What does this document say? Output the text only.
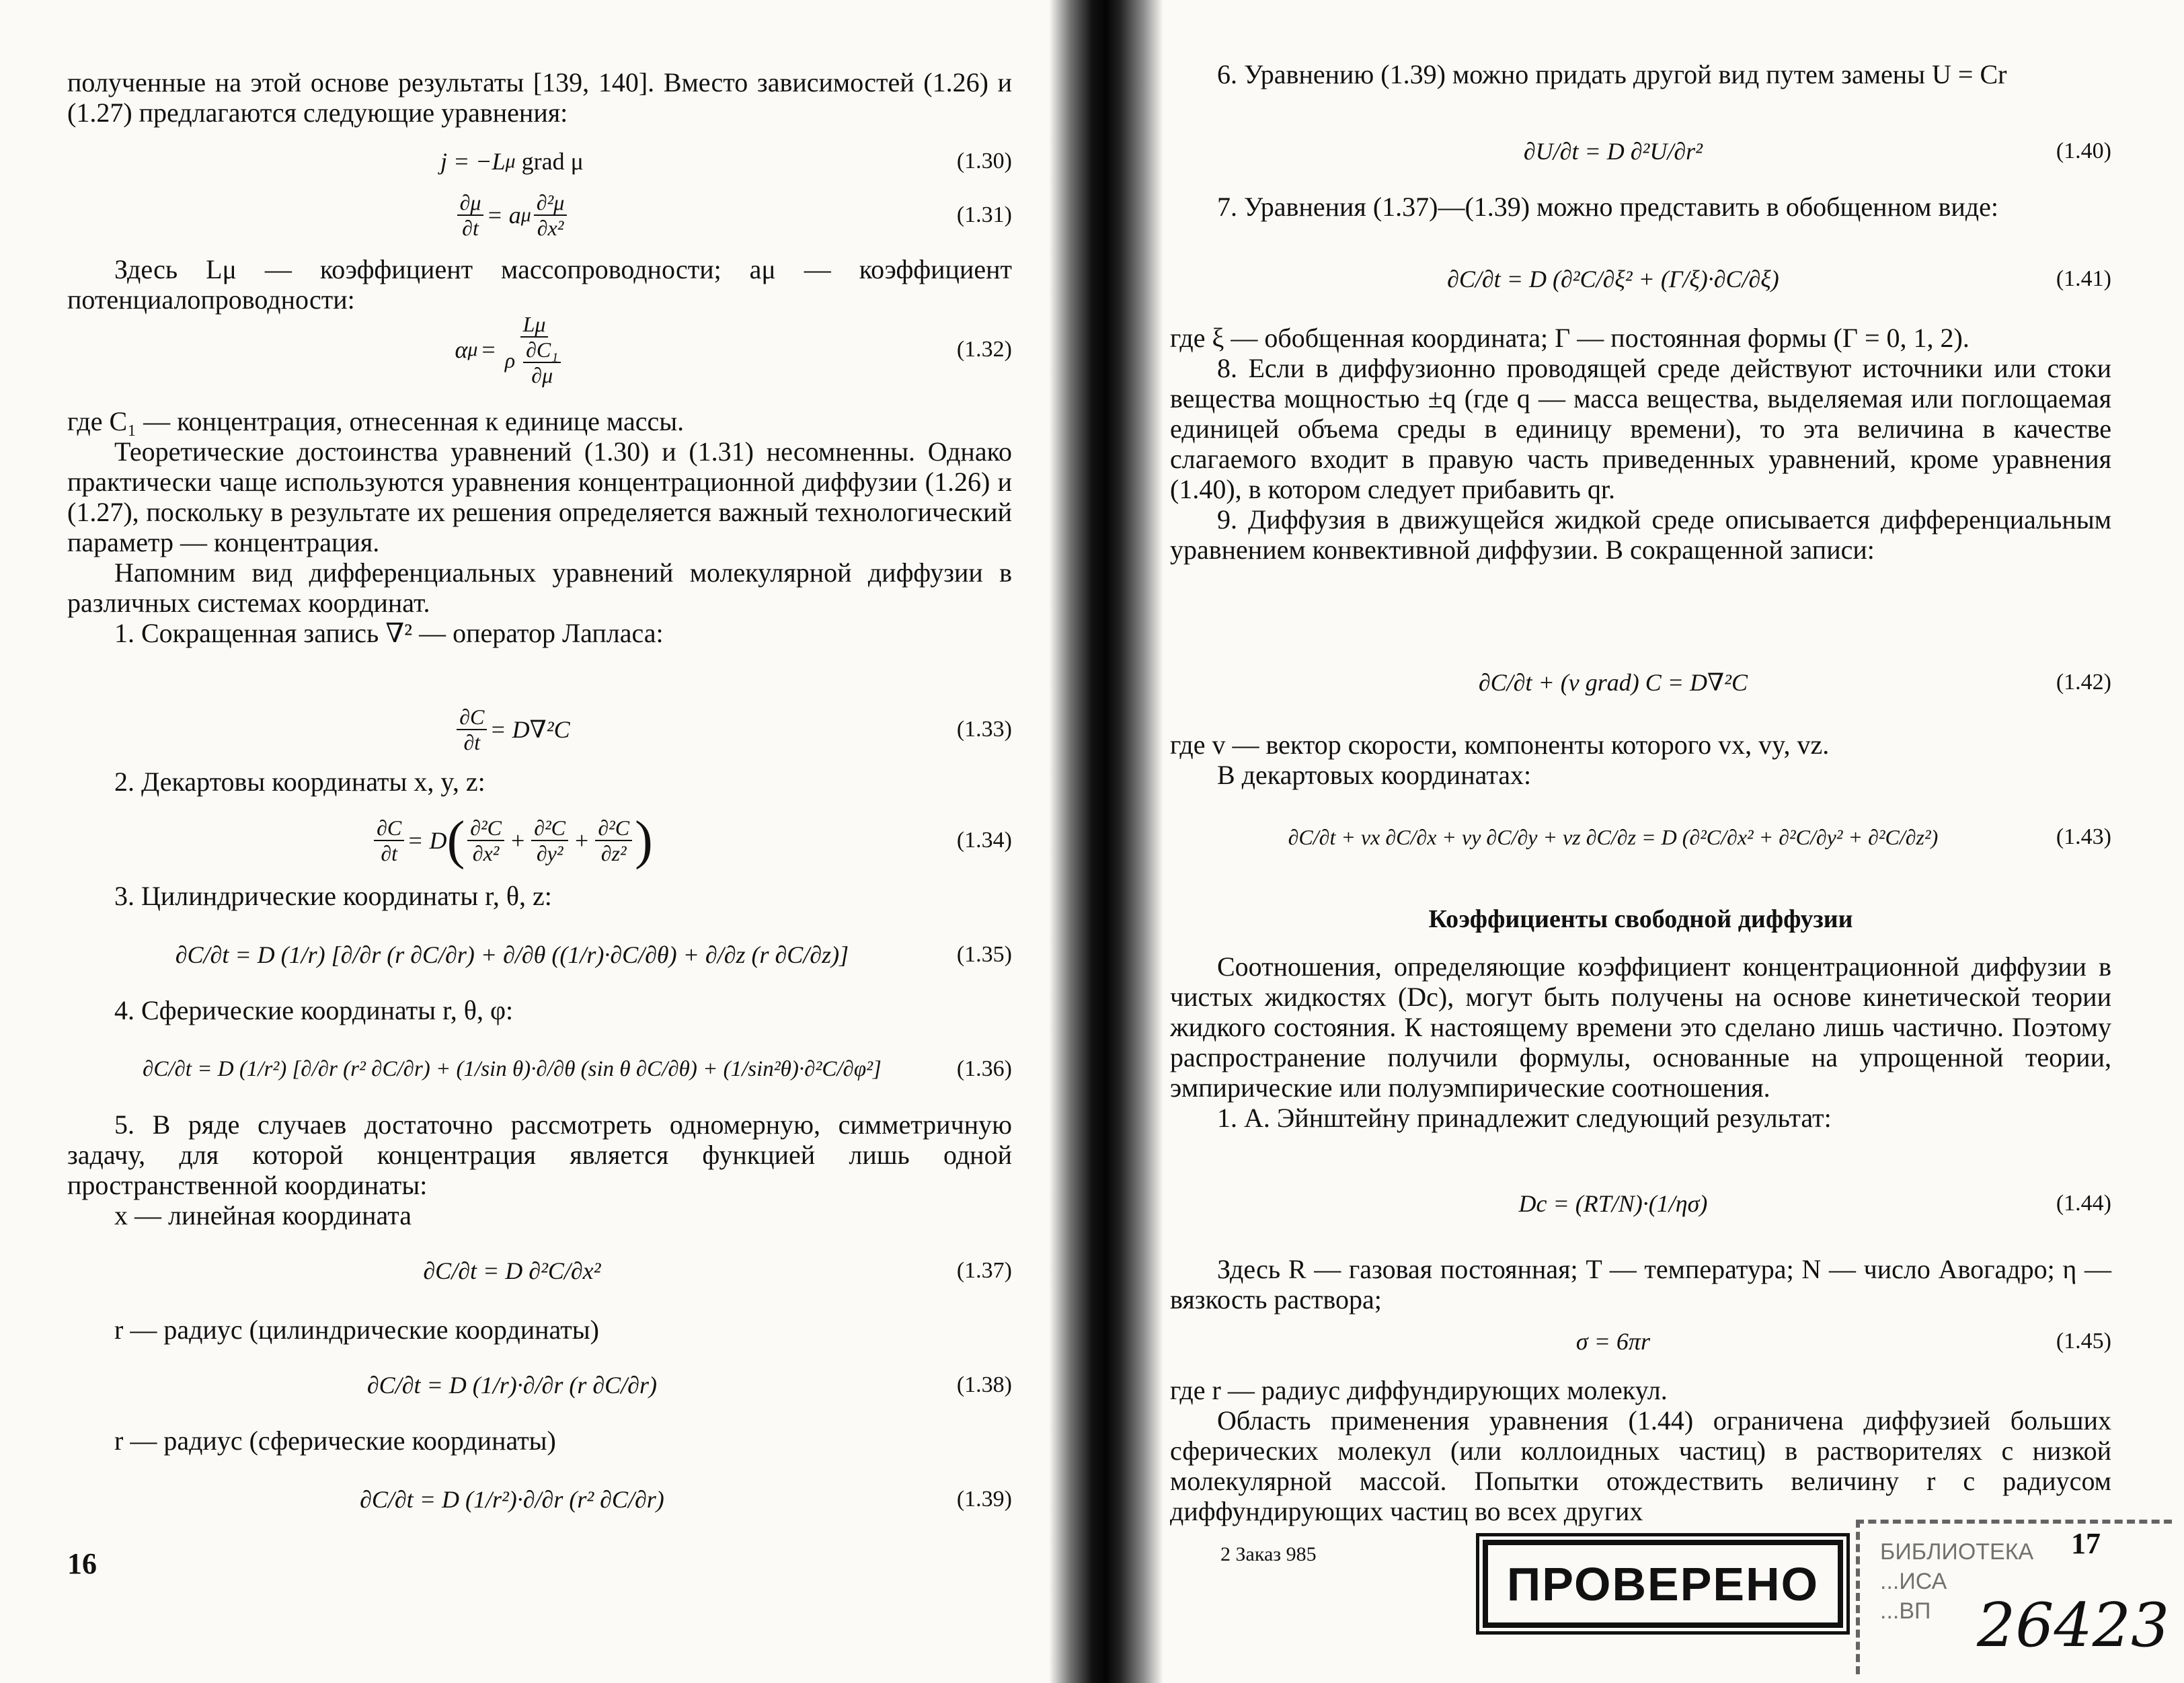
полученные на этой основе результаты [139, 140]. Вместо зависимостей (1.26) и (1.27) предлагаются следующие уравнения:

j = −L μ
grad μ	(1.30)
$\frac{\partial\mu}{\partial t} = a$ μ $\frac{\text{∂²μ}}{\text{∂x²}}$	(1.31)

Здесь Lμ — коэффициент массопроводности; aμ — коэффициент потенциалопроводности:

α $\mu = \frac{L\mu}{\rho \frac{\text{∂C₁}}{\partial\mu}}$	(1.32)

где C₁ — концентрация, отнесенная к единице массы.

Теоретические достоинства уравнений (1.30) и (1.31) несомненны. Однако практически чаще используются уравнения концентрационной диффузии (1.26) и (1.27), поскольку в результате их решения определяется важный технологический параметр — концентрация.

Напомним вид дифференциальных уравнений молекулярной диффузии в различных системах координат.

1. Сокращенная запись ∇² — оператор Лапласа:

$\frac{\partial C}{\partial t} = D\nabla^2C$	(1.33)

2. Декартовы координаты x, y, z:

$\frac{\partial C}{\partial t} = D$ ( $\frac{\text{∂²C}}{\text{∂x²}} + \frac{\text{∂²C}}{\text{∂y²}} + \frac{\text{∂²C}}{\text{∂z²}}$ )	(1.34)

3. Цилиндрические координаты r, θ, z:

∂C/∂t = D (1/r) [∂/∂r (r ∂C/∂r) + ∂/∂θ ((1/r)·∂C/∂θ) + ∂/∂z (r ∂C/∂z)]	(1.35)

4. Сферические координаты r, θ, φ:

∂C/∂t = D (1/r²) [∂/∂r (r² ∂C/∂r) + (1/sin θ)·∂/∂θ (sin θ ∂C/∂θ) + (1/sin²θ)·∂²C/∂φ²]	(1.36)

5. В ряде случаев достаточно рассмотреть одномерную, симметричную задачу, для которой концентрация является функцией лишь одной пространственной координаты:

x — линейная координата

∂C/∂t = D ∂²C/∂x²	(1.37)

r — радиус (цилиндрические координаты)

∂C/∂t = D (1/r)·∂/∂r (r ∂C/∂r)	(1.38)

r — радиус (сферические координаты)

∂C/∂t = D (1/r²)·∂/∂r (r² ∂C/∂r)	(1.39)
16

6. Уравнению (1.39) можно придать другой вид путем замены U = Cr

∂U/∂t = D ∂²U/∂r²	(1.40)

7. Уравнения (1.37)—(1.39) можно представить в обобщенном виде:

∂C/∂t = D (∂²C/∂ξ² + (Γ/ξ)·∂C/∂ξ)	(1.41)

где ξ — обобщенная координата; Γ — постоянная формы (Γ = 0, 1, 2).

8. Если в диффузионно проводящей среде действуют источники или стоки вещества мощностью ±q (где q — масса вещества, выделяемая или поглощаемая единицей объема среды в единицу времени), то эта величина в качестве слагаемого входит в правую часть приведенных уравнений, кроме уравнения (1.40), в котором следует прибавить qr.

9. Диффузия в движущейся жидкой среде описывается дифференциальным уравнением конвективной диффузии. В сокращенной записи:

∂C/∂t + (v grad) C = D∇²C	(1.42)

где v — вектор скорости, компоненты которого vx, vy, vz.

В декартовых координатах:

∂C/∂t + vx ∂C/∂x + vy ∂C/∂y + vz ∂C/∂z = D (∂²C/∂x² + ∂²C/∂y² + ∂²C/∂z²)	(1.43)
Коэффициенты свободной диффузии

Соотношения, определяющие коэффициент концентрационной диффузии в чистых жидкостях (Dc), могут быть получены на основе кинетической теории жидкого состояния. К настоящему времени это сделано лишь частично. Поэтому распространение получили формулы, основанные на упрощенной теории, эмпирические или полуэмпирические соотношения.

1. А. Эйнштейну принадлежит следующий результат:

Dc = (RT/N)·(1/ησ)	(1.44)

Здесь R — газовая постоянная; T — температура; N — число Авогадро; η — вязкость раствора;

σ = 6πr	(1.45)

где r — радиус диффундирующих молекул.

Область применения уравнения (1.44) ограничена диффузией больших сферических молекул (или коллоидных частиц) в растворителях с низкой молекулярной массой. Попытки отождествить величину r с радиусом диффундирующих частиц во всех других

2 Заказ 985	17
ПРОВЕРЕНО
БИБЛИОТЕКА
...ИСА
...ВП 26423
